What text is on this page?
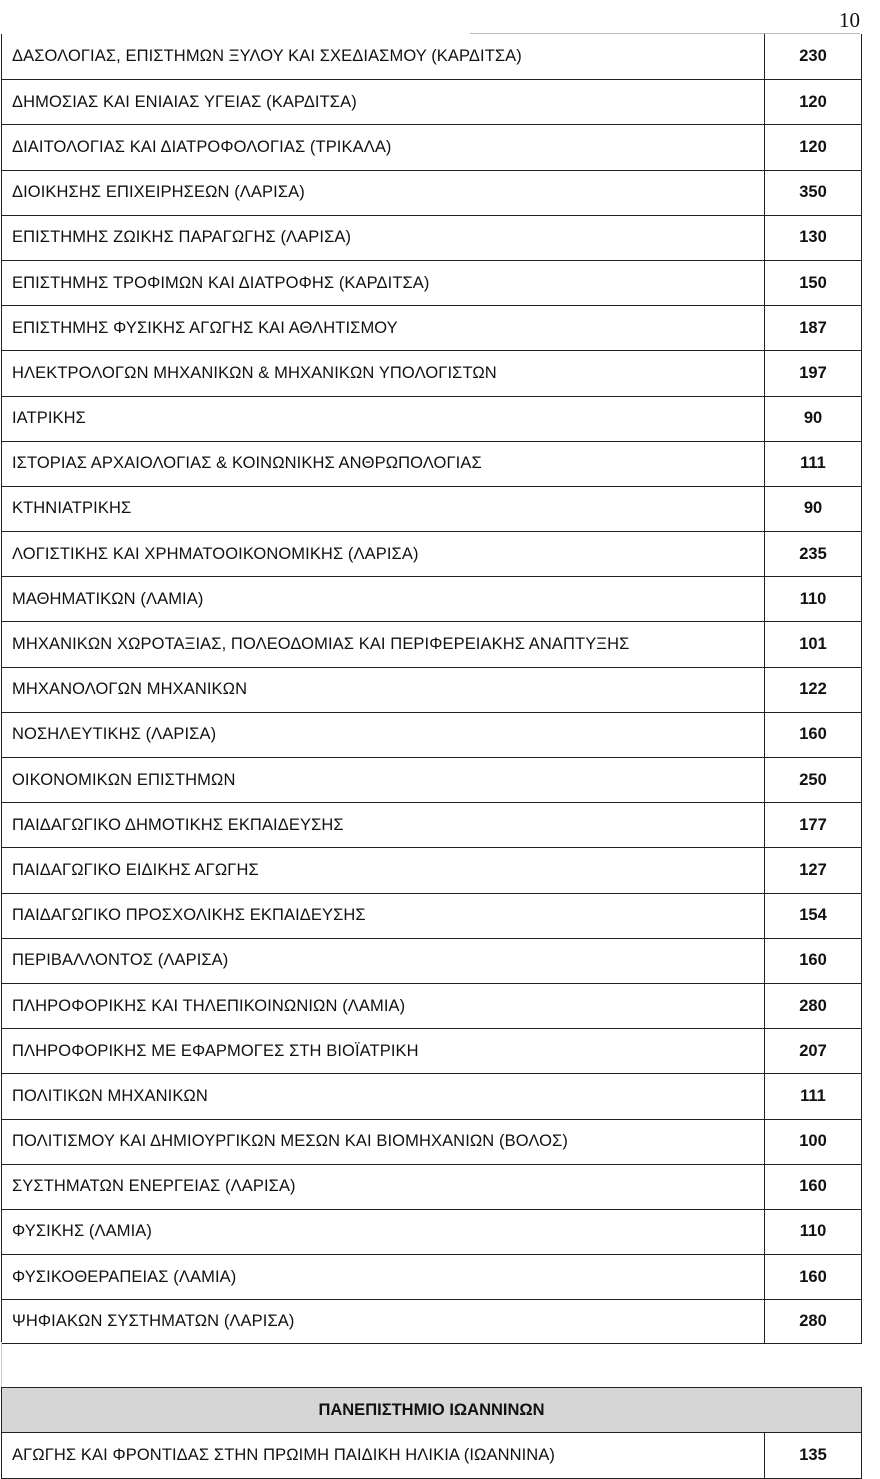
10
ΔΑΣΟΛΟΓΙΑΣ, ΕΠΙΣΤΗΜΩΝ ΞΥΛΟΥ ΚΑΙ ΣΧΕΔΙΑΣΜΟΥ (ΚΑΡΔΙΤΣΑ)	230
ΔΗΜΟΣΙΑΣ ΚΑΙ ΕΝΙΑΙΑΣ ΥΓΕΙΑΣ (ΚΑΡΔΙΤΣΑ)	120
ΔΙΑΙΤΟΛΟΓΙΑΣ ΚΑΙ ΔΙΑΤΡΟΦΟΛΟΓΙΑΣ (ΤΡΙΚΑΛΑ)	120
ΔΙΟΙΚΗΣΗΣ ΕΠΙΧΕΙΡΗΣΕΩΝ (ΛΑΡΙΣΑ)	350
ΕΠΙΣΤΗΜΗΣ ΖΩΙΚΗΣ ΠΑΡΑΓΩΓΗΣ (ΛΑΡΙΣΑ)	130
ΕΠΙΣΤΗΜΗΣ ΤΡΟΦΙΜΩΝ ΚΑΙ ΔΙΑΤΡΟΦΗΣ (ΚΑΡΔΙΤΣΑ)	150
ΕΠΙΣΤΗΜΗΣ ΦΥΣΙΚΗΣ ΑΓΩΓΗΣ ΚΑΙ ΑΘΛΗΤΙΣΜΟΥ	187
ΗΛΕΚΤΡΟΛΟΓΩΝ ΜΗΧΑΝΙΚΩΝ & ΜΗΧΑΝΙΚΩΝ ΥΠΟΛΟΓΙΣΤΩΝ	197
ΙΑΤΡΙΚΗΣ	90
ΙΣΤΟΡΙΑΣ ΑΡΧΑΙΟΛΟΓΙΑΣ & ΚΟΙΝΩΝΙΚΗΣ ΑΝΘΡΩΠΟΛΟΓΙΑΣ	111
ΚΤΗΝΙΑΤΡΙΚΗΣ	90
ΛΟΓΙΣΤΙΚΗΣ ΚΑΙ ΧΡΗΜΑΤΟΟΙΚΟΝΟΜΙΚΗΣ (ΛΑΡΙΣΑ)	235
ΜΑΘΗΜΑΤΙΚΩΝ (ΛΑΜΙΑ)	110
ΜΗΧΑΝΙΚΩΝ ΧΩΡΟΤΑΞΙΑΣ, ΠΟΛΕΟΔΟΜΙΑΣ ΚΑΙ ΠΕΡΙΦΕΡΕΙΑΚΗΣ ΑΝΑΠΤΥΞΗΣ	101
ΜΗΧΑΝΟΛΟΓΩΝ ΜΗΧΑΝΙΚΩΝ	122
ΝΟΣΗΛΕΥΤΙΚΗΣ (ΛΑΡΙΣΑ)	160
ΟΙΚΟΝΟΜΙΚΩΝ ΕΠΙΣΤΗΜΩΝ	250
ΠΑΙΔΑΓΩΓΙΚΟ ΔΗΜΟΤΙΚΗΣ ΕΚΠΑΙΔΕΥΣΗΣ	177
ΠΑΙΔΑΓΩΓΙΚΟ ΕΙΔΙΚΗΣ ΑΓΩΓΗΣ	127
ΠΑΙΔΑΓΩΓΙΚΟ ΠΡΟΣΧΟΛΙΚΗΣ ΕΚΠΑΙΔΕΥΣΗΣ	154
ΠΕΡΙΒΑΛΛΟΝΤΟΣ (ΛΑΡΙΣΑ)	160
ΠΛΗΡΟΦΟΡΙΚΗΣ ΚΑΙ ΤΗΛΕΠΙΚΟΙΝΩΝΙΩΝ (ΛΑΜΙΑ)	280
ΠΛΗΡΟΦΟΡΙΚΗΣ ΜΕ ΕΦΑΡΜΟΓΕΣ ΣΤΗ ΒΙΟΪΑΤΡΙΚΗ	207
ΠΟΛΙΤΙΚΩΝ ΜΗΧΑΝΙΚΩΝ	111
ΠΟΛΙΤΙΣΜΟΥ ΚΑΙ ΔΗΜΙΟΥΡΓΙΚΩΝ ΜΕΣΩΝ ΚΑΙ ΒΙΟΜΗΧΑΝΙΩΝ (ΒΟΛΟΣ)	100
ΣΥΣΤΗΜΑΤΩΝ ΕΝΕΡΓΕΙΑΣ (ΛΑΡΙΣΑ)	160
ΦΥΣΙΚΗΣ (ΛΑΜΙΑ)	110
ΦΥΣΙΚΟΘΕΡΑΠΕΙΑΣ (ΛΑΜΙΑ)	160
ΨΗΦΙΑΚΩΝ ΣΥΣΤΗΜΑΤΩΝ (ΛΑΡΙΣΑ)	280
ΠΑΝΕΠΙΣΤΗΜΙΟ ΙΩΑΝΝΙΝΩΝ
ΑΓΩΓΗΣ ΚΑΙ ΦΡΟΝΤΙΔΑΣ ΣΤΗΝ ΠΡΩΙΜΗ ΠΑΙΔΙΚΗ ΗΛΙΚΙΑ (ΙΩΑΝΝΙΝΑ)	135
